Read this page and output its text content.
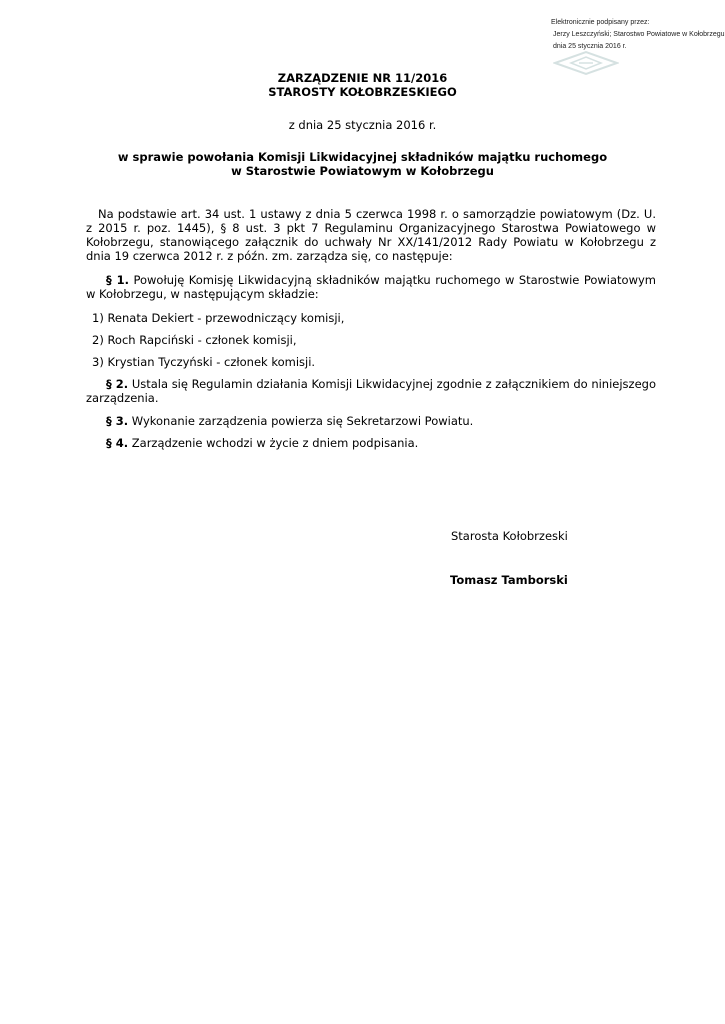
Elektronicznie podpisany przez:
Jerzy Leszczyński; Starostwo Powiatowe w Kołobrzegu
dnia 25 stycznia 2016 r.
ZARZĄDZENIE NR 11/2016
STAROSTY KOŁOBRZESKIEGO
z dnia 25 stycznia 2016 r.
w sprawie powołania Komisji Likwidacyjnej składników majątku ruchomego
w Starostwie Powiatowym w Kołobrzegu
Na podstawie art. 34 ust. 1 ustawy z dnia 5 czerwca 1998 r. o samorządzie powiatowym (Dz. U. z 2015 r. poz. 1445), § 8 ust. 3 pkt 7 Regulaminu Organizacyjnego Starostwa Powiatowego w Kołobrzegu, stanowiącego załącznik do uchwały Nr XX/141/2012 Rady Powiatu w Kołobrzegu z dnia 19 czerwca 2012 r. z późn. zm. zarządza się, co następuje:
§ 1. Powołuję Komisję Likwidacyjną składników majątku ruchomego w Starostwie Powiatowym w Kołobrzegu, w następującym składzie:
1) Renata Dekiert - przewodniczący komisji,
2) Roch Rapciński - członek komisji,
3) Krystian Tyczyński - członek komisji.
§ 2. Ustala się Regulamin działania Komisji Likwidacyjnej zgodnie z załącznikiem do niniejszego zarządzenia.
§ 3. Wykonanie zarządzenia powierza się Sekretarzowi Powiatu.
§ 4. Zarządzenie wchodzi w życie z dniem podpisania.
Starosta Kołobrzeski
Tomasz Tamborski
